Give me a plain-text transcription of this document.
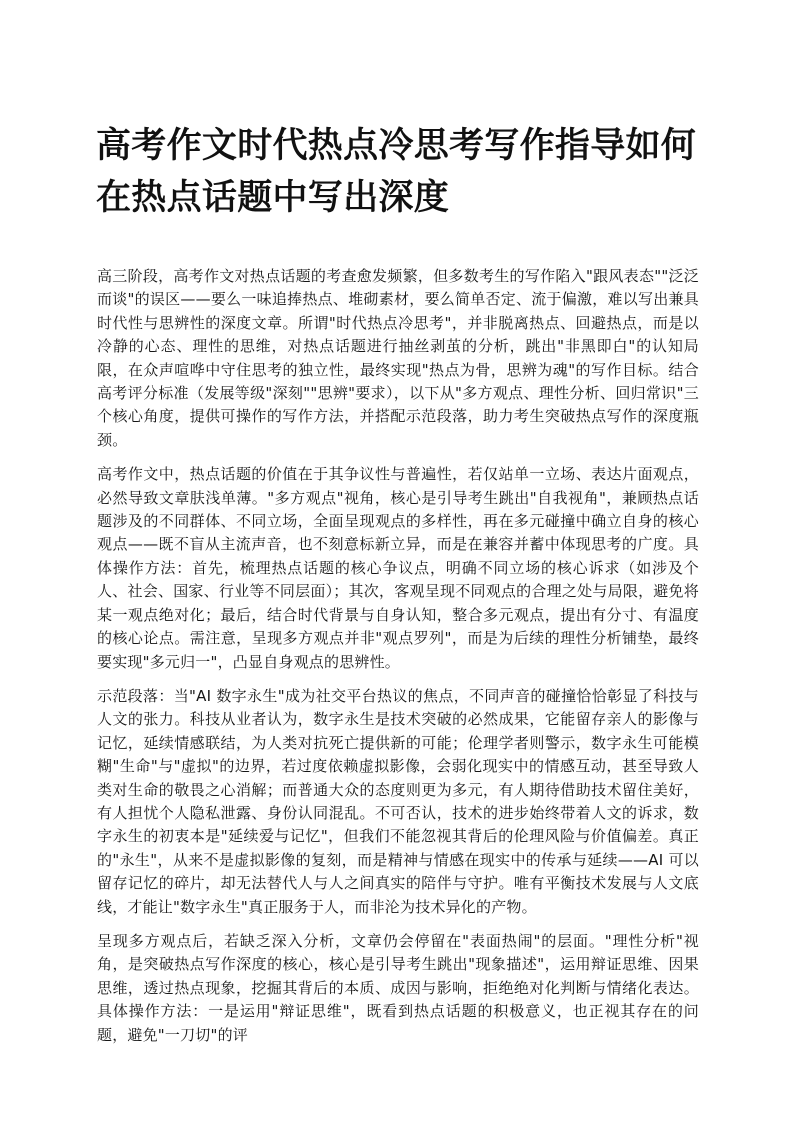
高考作文时代热点冷思考写作指导如何在热点话题中写出深度

高三阶段，高考作文对热点话题的考查愈发频繁，但多数考生的写作陷入"跟风表态""泛泛而谈"的误区——要么一味追捧热点、堆砌素材，要么简单否定、流于偏激，难以写出兼具时代性与思辨性的深度文章。所谓"时代热点冷思考"，并非脱离热点、回避热点，而是以冷静的心态、理性的思维，对热点话题进行抽丝剥茧的分析，跳出"非黑即白"的认知局限，在众声喧哗中守住思考的独立性，最终实现"热点为骨，思辨为魂"的写作目标。结合高考评分标准（发展等级"深刻""思辨"要求），以下从"多方观点、理性分析、回归常识"三个核心角度，提供可操作的写作方法，并搭配示范段落，助力考生突破热点写作的深度瓶颈。

高考作文中，热点话题的价值在于其争议性与普遍性，若仅站单一立场、表达片面观点，必然导致文章肤浅单薄。"多方观点"视角，核心是引导考生跳出"自我视角"，兼顾热点话题涉及的不同群体、不同立场，全面呈现观点的多样性，再在多元碰撞中确立自身的核心观点——既不盲从主流声音，也不刻意标新立异，而是在兼容并蓄中体现思考的广度。具体操作方法：首先，梳理热点话题的核心争议点，明确不同立场的核心诉求（如涉及个人、社会、国家、行业等不同层面）；其次，客观呈现不同观点的合理之处与局限，避免将某一观点绝对化；最后，结合时代背景与自身认知，整合多元观点，提出有分寸、有温度的核心论点。需注意，呈现多方观点并非"观点罗列"，而是为后续的理性分析铺垫，最终要实现"多元归一"，凸显自身观点的思辨性。

示范段落：当"AI 数字永生"成为社交平台热议的焦点，不同声音的碰撞恰恰彰显了科技与人文的张力。科技从业者认为，数字永生是技术突破的必然成果，它能留存亲人的影像与记忆，延续情感联结，为人类对抗死亡提供新的可能；伦理学者则警示，数字永生可能模糊"生命"与"虚拟"的边界，若过度依赖虚拟影像，会弱化现实中的情感互动，甚至导致人类对生命的敬畏之心消解；而普通大众的态度则更为多元，有人期待借助技术留住美好，有人担忧个人隐私泄露、身份认同混乱。不可否认，技术的进步始终带着人文的诉求，数字永生的初衷本是"延续爱与记忆"，但我们不能忽视其背后的伦理风险与价值偏差。真正的"永生"，从来不是虚拟影像的复刻，而是精神与情感在现实中的传承与延续——AI 可以留存记忆的碎片，却无法替代人与人之间真实的陪伴与守护。唯有平衡技术发展与人文底线，才能让"数字永生"真正服务于人，而非沦为技术异化的产物。

呈现多方观点后，若缺乏深入分析，文章仍会停留在"表面热闹"的层面。"理性分析"视角，是突破热点写作深度的核心，核心是引导考生跳出"现象描述"，运用辩证思维、因果思维，透过热点现象，挖掘其背后的本质、成因与影响，拒绝绝对化判断与情绪化表达。具体操作方法：一是运用"辩证思维"，既看到热点话题的积极意义，也正视其存在的问题，避免"一刀切"的评
